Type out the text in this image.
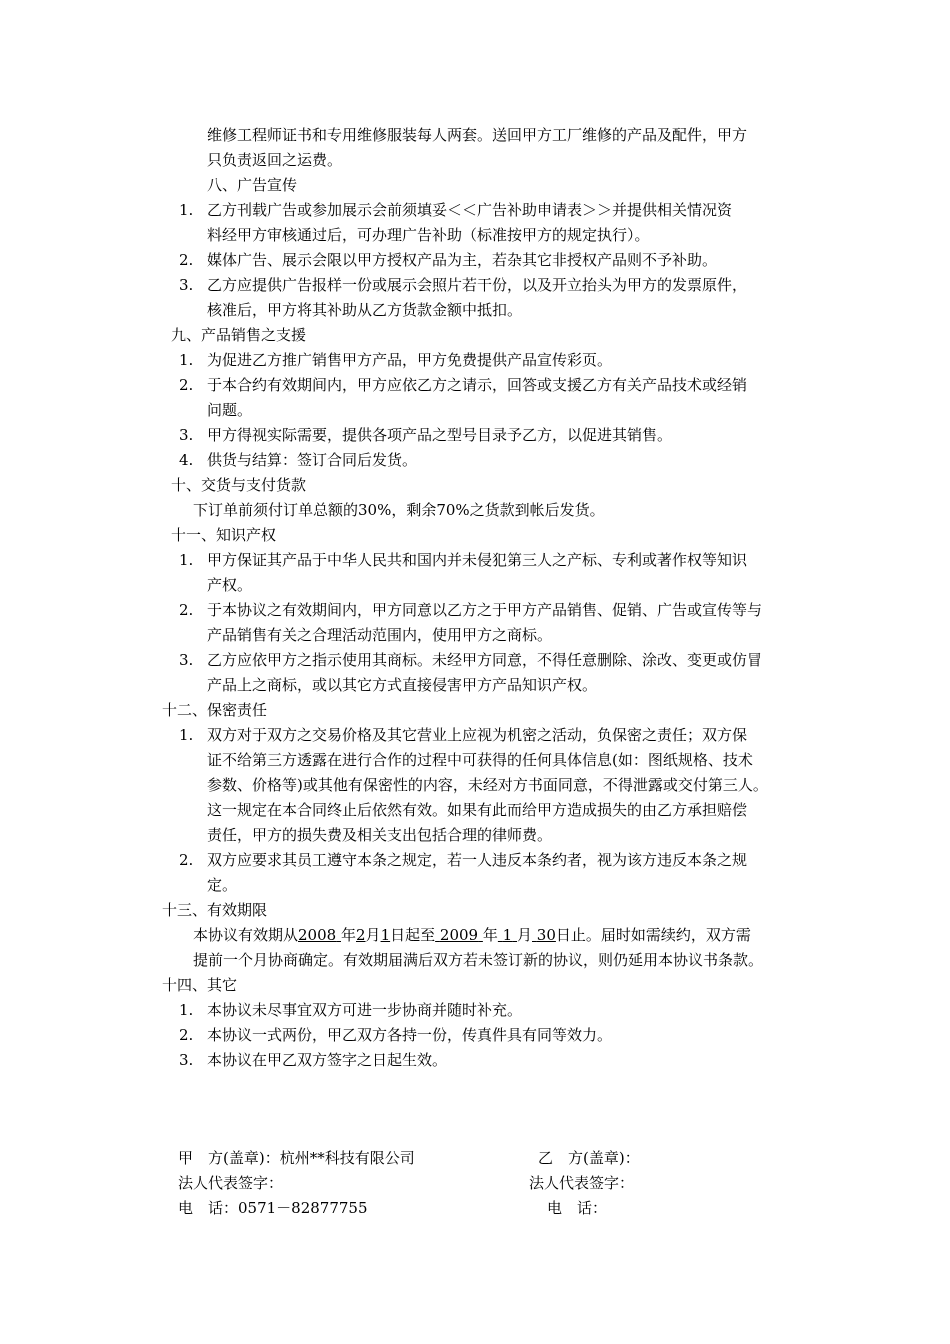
维修工程师证书和专用维修服装每人两套。送回甲方工厂维修的产品及配件，甲方
只负责返回之运费。
八、广告宣传
1. 乙方刊载广告或参加展示会前须填妥＜＜广告补助申请表＞＞并提供相关情况资
料经甲方审核通过后，可办理广告补助（标准按甲方的规定执行）。
2. 媒体广告、展示会限以甲方授权产品为主，若杂其它非授权产品则不予补助。
3. 乙方应提供广告报样一份或展示会照片若干份，以及开立抬头为甲方的发票原件，
核准后，甲方将其补助从乙方货款金额中抵扣。
九、产品销售之支援
1. 为促进乙方推广销售甲方产品，甲方免费提供产品宣传彩页。
2. 于本合约有效期间内，甲方应依乙方之请示，回答或支援乙方有关产品技术或经销
问题。
3. 甲方得视实际需要，提供各项产品之型号目录予乙方，以促进其销售。
4. 供货与结算：签订合同后发货。
十、交货与支付货款
下订单前须付订单总额的30%，剩余70%之货款到帐后发货。
十一、知识产权
1. 甲方保证其产品于中华人民共和国内并未侵犯第三人之产标、专利或著作权等知识
产权。
2. 于本协议之有效期间内，甲方同意以乙方之于甲方产品销售、促销、广告或宣传等与
产品销售有关之合理活动范围内，使用甲方之商标。
3. 乙方应依甲方之指示使用其商标。未经甲方同意，不得任意删除、涂改、变更或仿冒
产品上之商标，或以其它方式直接侵害甲方产品知识产权。
十二、保密责任
1. 双方对于双方之交易价格及其它营业上应视为机密之活动，负保密之责任；双方保
证不给第三方透露在进行合作的过程中可获得的任何具体信息(如：图纸规格、技术
参数、价格等)或其他有保密性的内容，未经对方书面同意，不得泄露或交付第三人。
这一规定在本合同终止后依然有效。如果有此而给甲方造成损失的由乙方承担赔偿
责任，甲方的损失费及相关支出包括合理的律师费。
2. 双方应要求其员工遵守本条之规定，若一人违反本条约者，视为该方违反本条之规
定。
十三、有效期限
本协议有效期从2008 年2月1日起至 2009 年 1 月 30日止。届时如需续约，双方需
提前一个月协商确定。有效期届满后双方若未签订新的协议，则仍延用本协议书条款。
十四、其它
1. 本协议未尽事宜双方可进一步协商并随时补充。
2. 本协议一式两份，甲乙双方各持一份，传真件具有同等效力。
3. 本协议在甲乙双方签字之日起生效。
甲　方(盖章)：杭州**科技有限公司
法人代表签字：
电　话：0571－82877755
乙　方(盖章)：
法人代表签字：
电　话：
